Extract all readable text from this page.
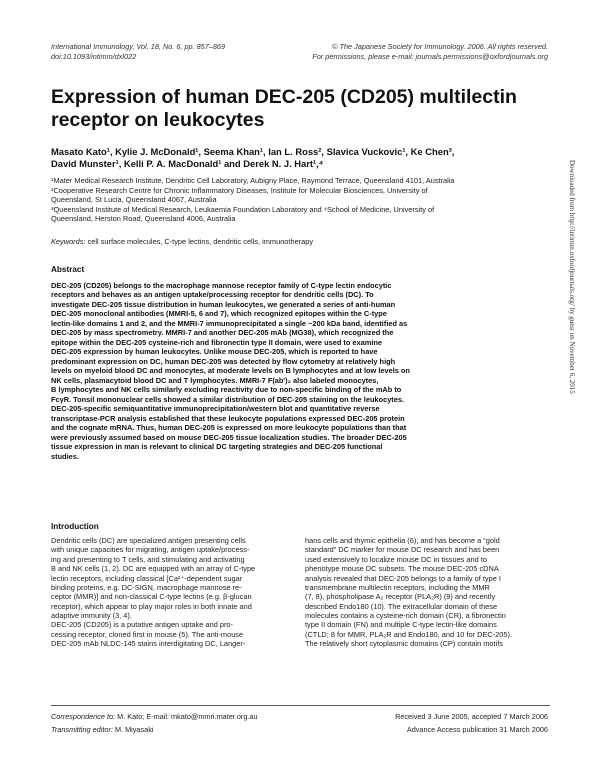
International Immunology, Vol. 18, No. 6, pp. 857–869
doi:10.1093/intimm/dxl022
© The Japanese Society for Immunology. 2006. All rights reserved.
For permissions, please e-mail: journals.permissions@oxfordjournals.org
Expression of human DEC-205 (CD205) multilectin
receptor on leukocytes
Masato Kato¹, Kylie J. McDonald¹, Seema Khan¹, Ian L. Ross², Slavica Vuckovic¹, Ke Chen³,
David Munster¹, Kelli P. A. MacDonald¹ and Derek N. J. Hart¹,⁴

¹Mater Medical Research Institute, Dendritic Cell Laboratory, Aubigny Place, Raymond Terrace, Queensland 4101, Australia

²Cooperative Research Centre for Chronic Inflammatory Diseases, Institute for Molecular Biosciences, University of

Queensland, St Lucia, Queensland 4067, Australia

³Queensland Institute of Medical Research, Leukaemia Foundation Laboratory and ⁴School of Medicine, University of

Queensland, Herston Road, Queensland 4006, Australia

Keywords: cell surface molecules, C-type lectins, dendritic cells, immunotherapy
Abstract
DEC-205 (CD205) belongs to the macrophage mannose receptor family of C-type lectin endocytic
receptors and behaves as an antigen uptake/processing receptor for dendritic cells (DC). To
investigate DEC-205 tissue distribution in human leukocytes, we generated a series of anti-human
DEC-205 monoclonal antibodies (MMRI-5, 6 and 7), which recognized epitopes within the C-type
lectin-like domains 1 and 2, and the MMRI-7 immunoprecipitated a single ~200 kDa band, identified as
DEC-205 by mass spectrometry. MMRI-7 and another DEC-205 mAb (MG38), which recognized the
epitope within the DEC-205 cysteine-rich and fibronectin type II domain, were used to examine
DEC-205 expression by human leukocytes. Unlike mouse DEC-205, which is reported to have
predominant expression on DC, human DEC-205 was detected by flow cytometry at relatively high
levels on myeloid blood DC and monocytes, at moderate levels on B lymphocytes and at low levels on
NK cells, plasmacytoid blood DC and T lymphocytes. MMRI-7 F(ab')₂ also labeled monocytes,
B lymphocytes and NK cells similarly excluding reactivity due to non-specific binding of the mAb to
FcγR. Tonsil mononuclear cells showed a similar distribution of DEC-205 staining on the leukocytes.
DEC-205-specific semiquantitative immunoprecipitation/western blot and quantitative reverse
transcriptase-PCR analysis established that these leukocyte populations expressed DEC-205 protein
and the cognate mRNA. Thus, human DEC-205 is expressed on more leukocyte populations than that
were previously assumed based on mouse DEC-205 tissue localization studies. The broader DEC-205
tissue expression in man is relevant to clinical DC targeting strategies and DEC-205 functional
studies.
Downloaded from http://intimm.oxfordjournals.org/ by guest on November 6, 2015
Introduction
Dendritic cells (DC) are specialized antigen presenting cells
with unique capacities for migrating, antigen uptake/process-
ing and presenting to T cells, and stimulating and activating
B and NK cells (1, 2). DC are equipped with an array of C-type
lectin receptors, including classical [Ca²⁺-dependent sugar
binding proteins, e.g. DC-SIGN, macrophage mannose re-
ceptor (MMR)] and non-classical C-type lectins (e.g. β-glucan
receptor), which appear to play major roles in both innate and
adaptive immunity (3, 4).
DEC-205 (CD205) is a putative antigen uptake and pro-
cessing receptor, cloned first in mouse (5). The anti-mouse
DEC-205 mAb NLDC-145 stains interdigitating DC, Langer-
hans cells and thymic epithelia (6), and has become a “gold
standard” DC marker for mouse DC research and has been
used extensively to localize mouse DC in tissues and to
phenotype mouse DC subsets. The mouse DEC-205 cDNA
analysis revealed that DEC-205 belongs to a family of type I
transmembrane multilectin receptors, including the MMR
(7, 8), phospholipase A₂ receptor (PLA₂R) (9) and recently
described Endo180 (10). The extracellular domain of these
molecules contains a cysteine-rich domain (CR), a fibronectin
type II domain (FN) and multiple C-type lectin-like domains
(CTLD; 8 for MMR, PLA₂R and Endo180, and 10 for DEC-205).
The relatively short cytoplasmic domains (CP) contain motifs
Correspondence to: M. Kato; E-mail: mkato@mmri.mater.org.au
Transmitting editor: M. Miyasaki
Received 3 June 2005, accepted 7 March 2006
Advance Access publication 31 March 2006
